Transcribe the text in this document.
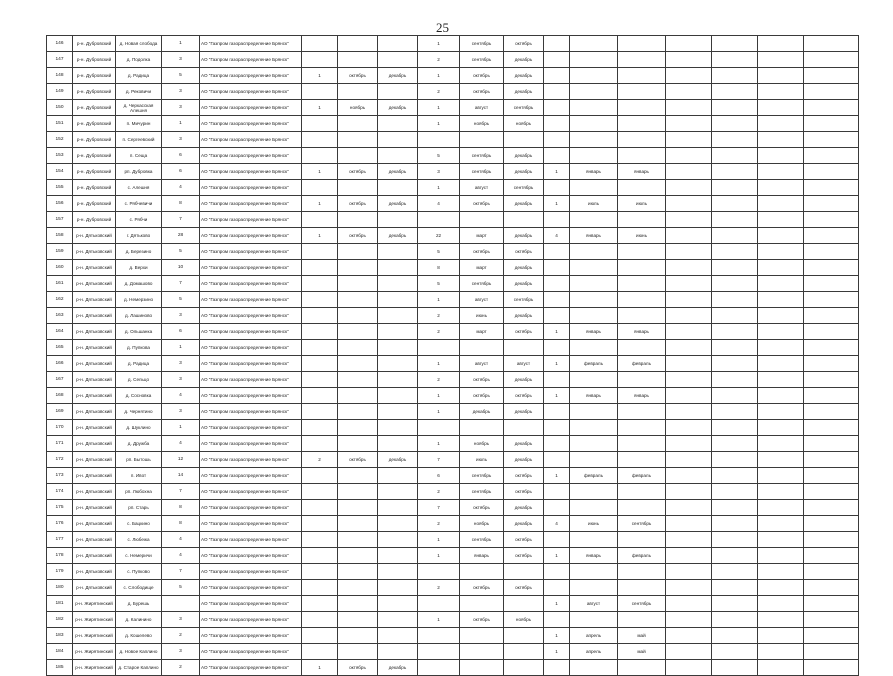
25
146	р-н. Дубровский	д. Новая слобода	1	АО "Газпром газораспределение Брянск"				1	сентябрь	октябрь							
147	р-н. Дубровский	д. Подолка	3	АО "Газпром газораспределение Брянск"				2	сентябрь	декабрь							
148	р-н. Дубровский	д. Радица	5	АО "Газпром газораспределение Брянск"	1	октябрь	декабрь	1	октябрь	декабрь							
149	р-н. Дубровский	д. Рековичи	3	АО "Газпром газораспределение Брянск"				2	октябрь	декабрь							
150	р-н. Дубровский	д. Черкасская Алешня	3	АО "Газпром газораспределение Брянск"	1	ноябрь	декабрь	1	август	сентябрь							
151	р-н. Дубровский	п. Мичурин	1	АО "Газпром газораспределение Брянск"				1	ноябрь	ноябрь							
152	р-н. Дубровский	п. Сергеевский	3	АО "Газпром газораспределение Брянск"													
153	р-н. Дубровский	п. Сеща	6	АО "Газпром газораспределение Брянск"				5	сентябрь	декабрь							
154	р-н. Дубровский	рп. Дубровка	6	АО "Газпром газораспределение Брянск"	1	октябрь	декабрь	3	сентябрь	декабрь	1	январь	январь				
155	р-н. Дубровский	с. Алешня	4	АО "Газпром газораспределение Брянск"				1	август	сентябрь							
156	р-н. Дубровский	с. Рябчевичи	8	АО "Газпром газораспределение Брянск"	1	октябрь	декабрь	4	октябрь	декабрь	1	июль	июль				
157	р-н. Дубровский	с. Рябчи	7	АО "Газпром газораспределение Брянск"													
158	р-н. Дятьковский	г. Дятьково	28	АО "Газпром газораспределение Брянск"	1	октябрь	декабрь	22	март	декабрь	4	январь	июнь				
159	р-н. Дятьковский	д. Березино	5	АО "Газпром газораспределение Брянск"				5	октябрь	октябрь							
160	р-н. Дятьковский	д. Верхи	10	АО "Газпром газораспределение Брянск"				8	март	декабрь							
161	р-н. Дятьковский	д. Домашово	7	АО "Газпром газораспределение Брянск"				5	сентябрь	декабрь							
162	р-н. Дятьковский	д. Немерзино	5	АО "Газпром газораспределение Брянск"				1	август	сентябрь							
163	р-н. Дятьковский	д. Лашиново	3	АО "Газпром газораспределение Брянск"				2	июнь	декабрь							
164	р-н. Дятьковский	д. Ольшанка	6	АО "Газпром газораспределение Брянск"				2	март	октябрь	1	январь	январь				
165	р-н. Дятьковский	д. Пупкова	1	АО "Газпром газораспределение Брянск"													
166	р-н. Дятьковский	д. Радица	3	АО "Газпром газораспределение Брянск"				1	август	август	1	февраль	февраль				
167	р-н. Дятьковский	д. Сельцо	3	АО "Газпром газораспределение Брянск"				2	октябрь	декабрь							
168	р-н. Дятьковский	д. Сосновка	4	АО "Газпром газораспределение Брянск"				1	октябрь	октябрь	1	январь	январь				
169	р-н. Дятьковский	д. Чернятино	3	АО "Газпром газораспределение Брянск"				1	декабрь	декабрь							
170	р-н. Дятьковский	д. Шуклино	1	АО "Газпром газораспределение Брянск"													
171	р-н. Дятьковский	д. Дружба	4	АО "Газпром газораспределение Брянск"				1	ноябрь	декабрь							
172	р-н. Дятьковский	рп. Бытошь	12	АО "Газпром газораспределение Брянск"	2	октябрь	декабрь	7	июль	декабрь							
173	р-н. Дятьковский	п. Ивот	14	АО "Газпром газораспределение Брянск"				6	сентябрь	октябрь	1	февраль	февраль				
174	р-н. Дятьковский	рп. Любохна	7	АО "Газпром газораспределение Брянск"				2	сентябрь	октябрь							
175	р-н. Дятьковский	рп. Старь	8	АО "Газпром газораспределение Брянск"				7	октябрь	декабрь							
176	р-н. Дятьковский	с. Бацкино	8	АО "Газпром газораспределение Брянск"				2	ноябрь	декабрь	4	июнь	сентябрь				
177	р-н. Дятьковский	с. Любежа	4	АО "Газпром газораспределение Брянск"				1	сентябрь	октябрь							
178	р-н. Дятьковский	с. Немеричи	4	АО "Газпром газораспределение Брянск"				1	январь	октябрь	1	январь	февраль				
179	р-н. Дятьковский	с. Пупково	7	АО "Газпром газораспределение Брянск"													
180	р-н. Дятьковский	с. Слободище	5	АО "Газпром газораспределение Брянск"				2	октябрь	октябрь							
181	р-н. Жирятинский	д. Бурешь		АО "Газпром газораспределение Брянск"							1	август	сентябрь				
182	р-н. Жирятинский	д. Калинино	3	АО "Газпром газораспределение Брянск"				1	октябрь	ноябрь							
183	р-н. Жирятинский	д. Кошелево	2	АО "Газпром газораспределение Брянск"							1	апрель	май				
184	р-н. Жирятинский	д. Новое Каплино	3	АО "Газпром газораспределение Брянск"							1	апрель	май				
185	р-н. Жирятинский	д. Старое Каплино	2	АО "Газпром газораспределение Брянск"	1	октябрь	декабрь										
